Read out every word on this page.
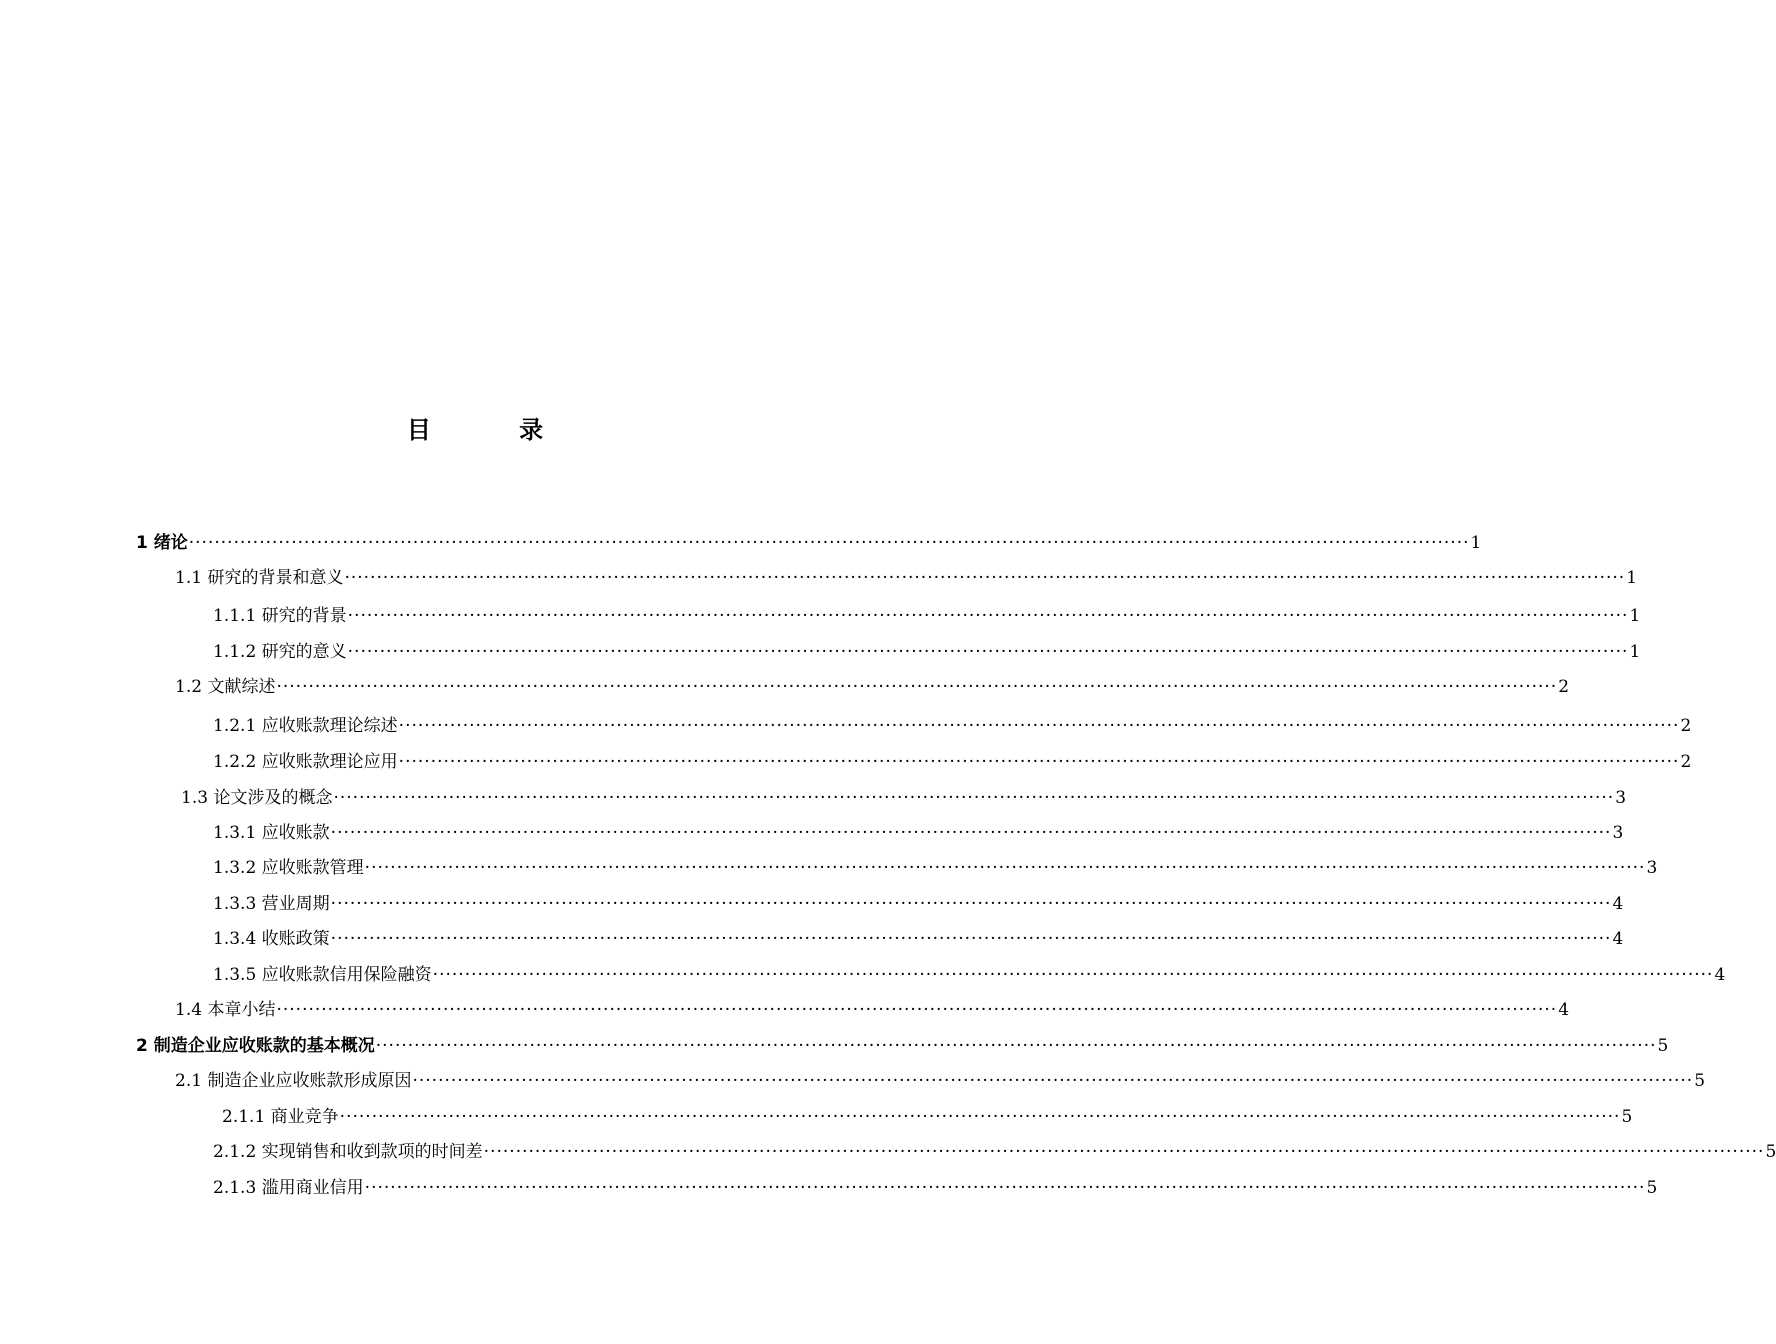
目 录
1 绪论 ········································································································································································································ 1
1.1 研究的背景和意义 ········································································································································································································ 1
1.1.1 研究的背景 ········································································································································································································ 1
1.1.2 研究的意义 ········································································································································································································ 1
1.2 文献综述 ········································································································································································································ 2
1.2.1 应收账款理论综述 ········································································································································································································ 2
1.2.2 应收账款理论应用 ········································································································································································································ 2
1.3 论文涉及的概念 ········································································································································································································ 3
1.3.1 应收账款 ········································································································································································································ 3
1.3.2 应收账款管理 ········································································································································································································ 3
1.3.3 营业周期 ········································································································································································································ 4
1.3.4 收账政策 ········································································································································································································ 4
1.3.5 应收账款信用保险融资 ········································································································································································································ 4
1.4 本章小结 ········································································································································································································ 4
2 制造企业应收账款的基本概况 ········································································································································································································ 5
2.1 制造企业应收账款形成原因 ········································································································································································································ 5
2.1.1 商业竞争 ········································································································································································································ 5
2.1.2 实现销售和收到款项的时间差 ········································································································································································································ 5
2.1.3 滥用商业信用 ········································································································································································································ 5
